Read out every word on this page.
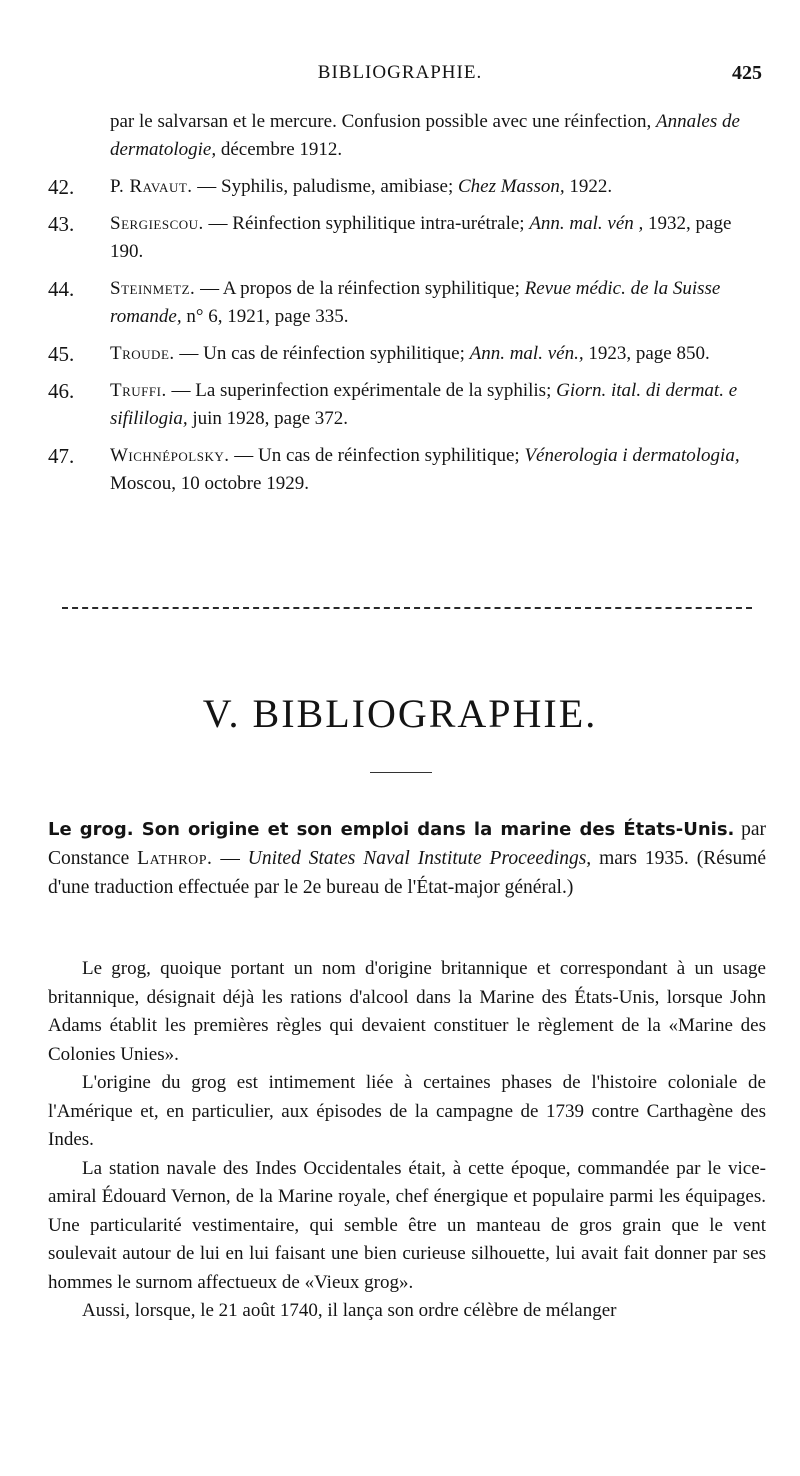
BIBLIOGRAPHIE.	425
par le salvarsan et le mercure. Confusion possible avec une réinfection, Annales de dermatologie, décembre 1912.
42. P. Ravaut. — Syphilis, paludisme, amibiase; Chez Masson, 1922.
43. Sergiescou. — Réinfection syphilitique intra-urétrale; Ann. mal. vén , 1932, page 190.
44. Steinmetz. — A propos de la réinfection syphilitique; Revue médic. de la Suisse romande, n° 6, 1921, page 335.
45. Troude. — Un cas de réinfection syphilitique; Ann. mal. vén., 1923, page 850.
46. Truffi. — La superinfection expérimentale de la syphilis; Giorn. ital. di dermat. e sifililogia, juin 1928, page 372.
47. Wichnépolsky. — Un cas de réinfection syphilitique; Vénerologia i dermatologia, Moscou, 10 octobre 1929.
V. BIBLIOGRAPHIE.
Le grog. Son origine et son emploi dans la marine des États-Unis. par Constance Lathrop. — United States Naval Institute Proceedings, mars 1935. (Résumé d'une traduction effectuée par le 2e bureau de l'État-major général.)

Le grog, quoique portant un nom d'origine britannique et correspondant à un usage britannique, désignait déjà les rations d'alcool dans la Marine des États-Unis, lorsque John Adams établit les premières règles qui devaient constituer le règlement de la «Marine des Colonies Unies».

L'origine du grog est intimement liée à certaines phases de l'histoire coloniale de l'Amérique et, en particulier, aux épisodes de la campagne de 1739 contre Carthagène des Indes.

La station navale des Indes Occidentales était, à cette époque, commandée par le vice-amiral Édouard Vernon, de la Marine royale, chef énergique et populaire parmi les équipages. Une particularité vestimentaire, qui semble être un manteau de gros grain que le vent soulevait autour de lui en lui faisant une bien curieuse silhouette, lui avait fait donner par ses hommes le surnom affectueux de «Vieux grog».

Aussi, lorsque, le 21 août 1740, il lança son ordre célèbre de mélanger
